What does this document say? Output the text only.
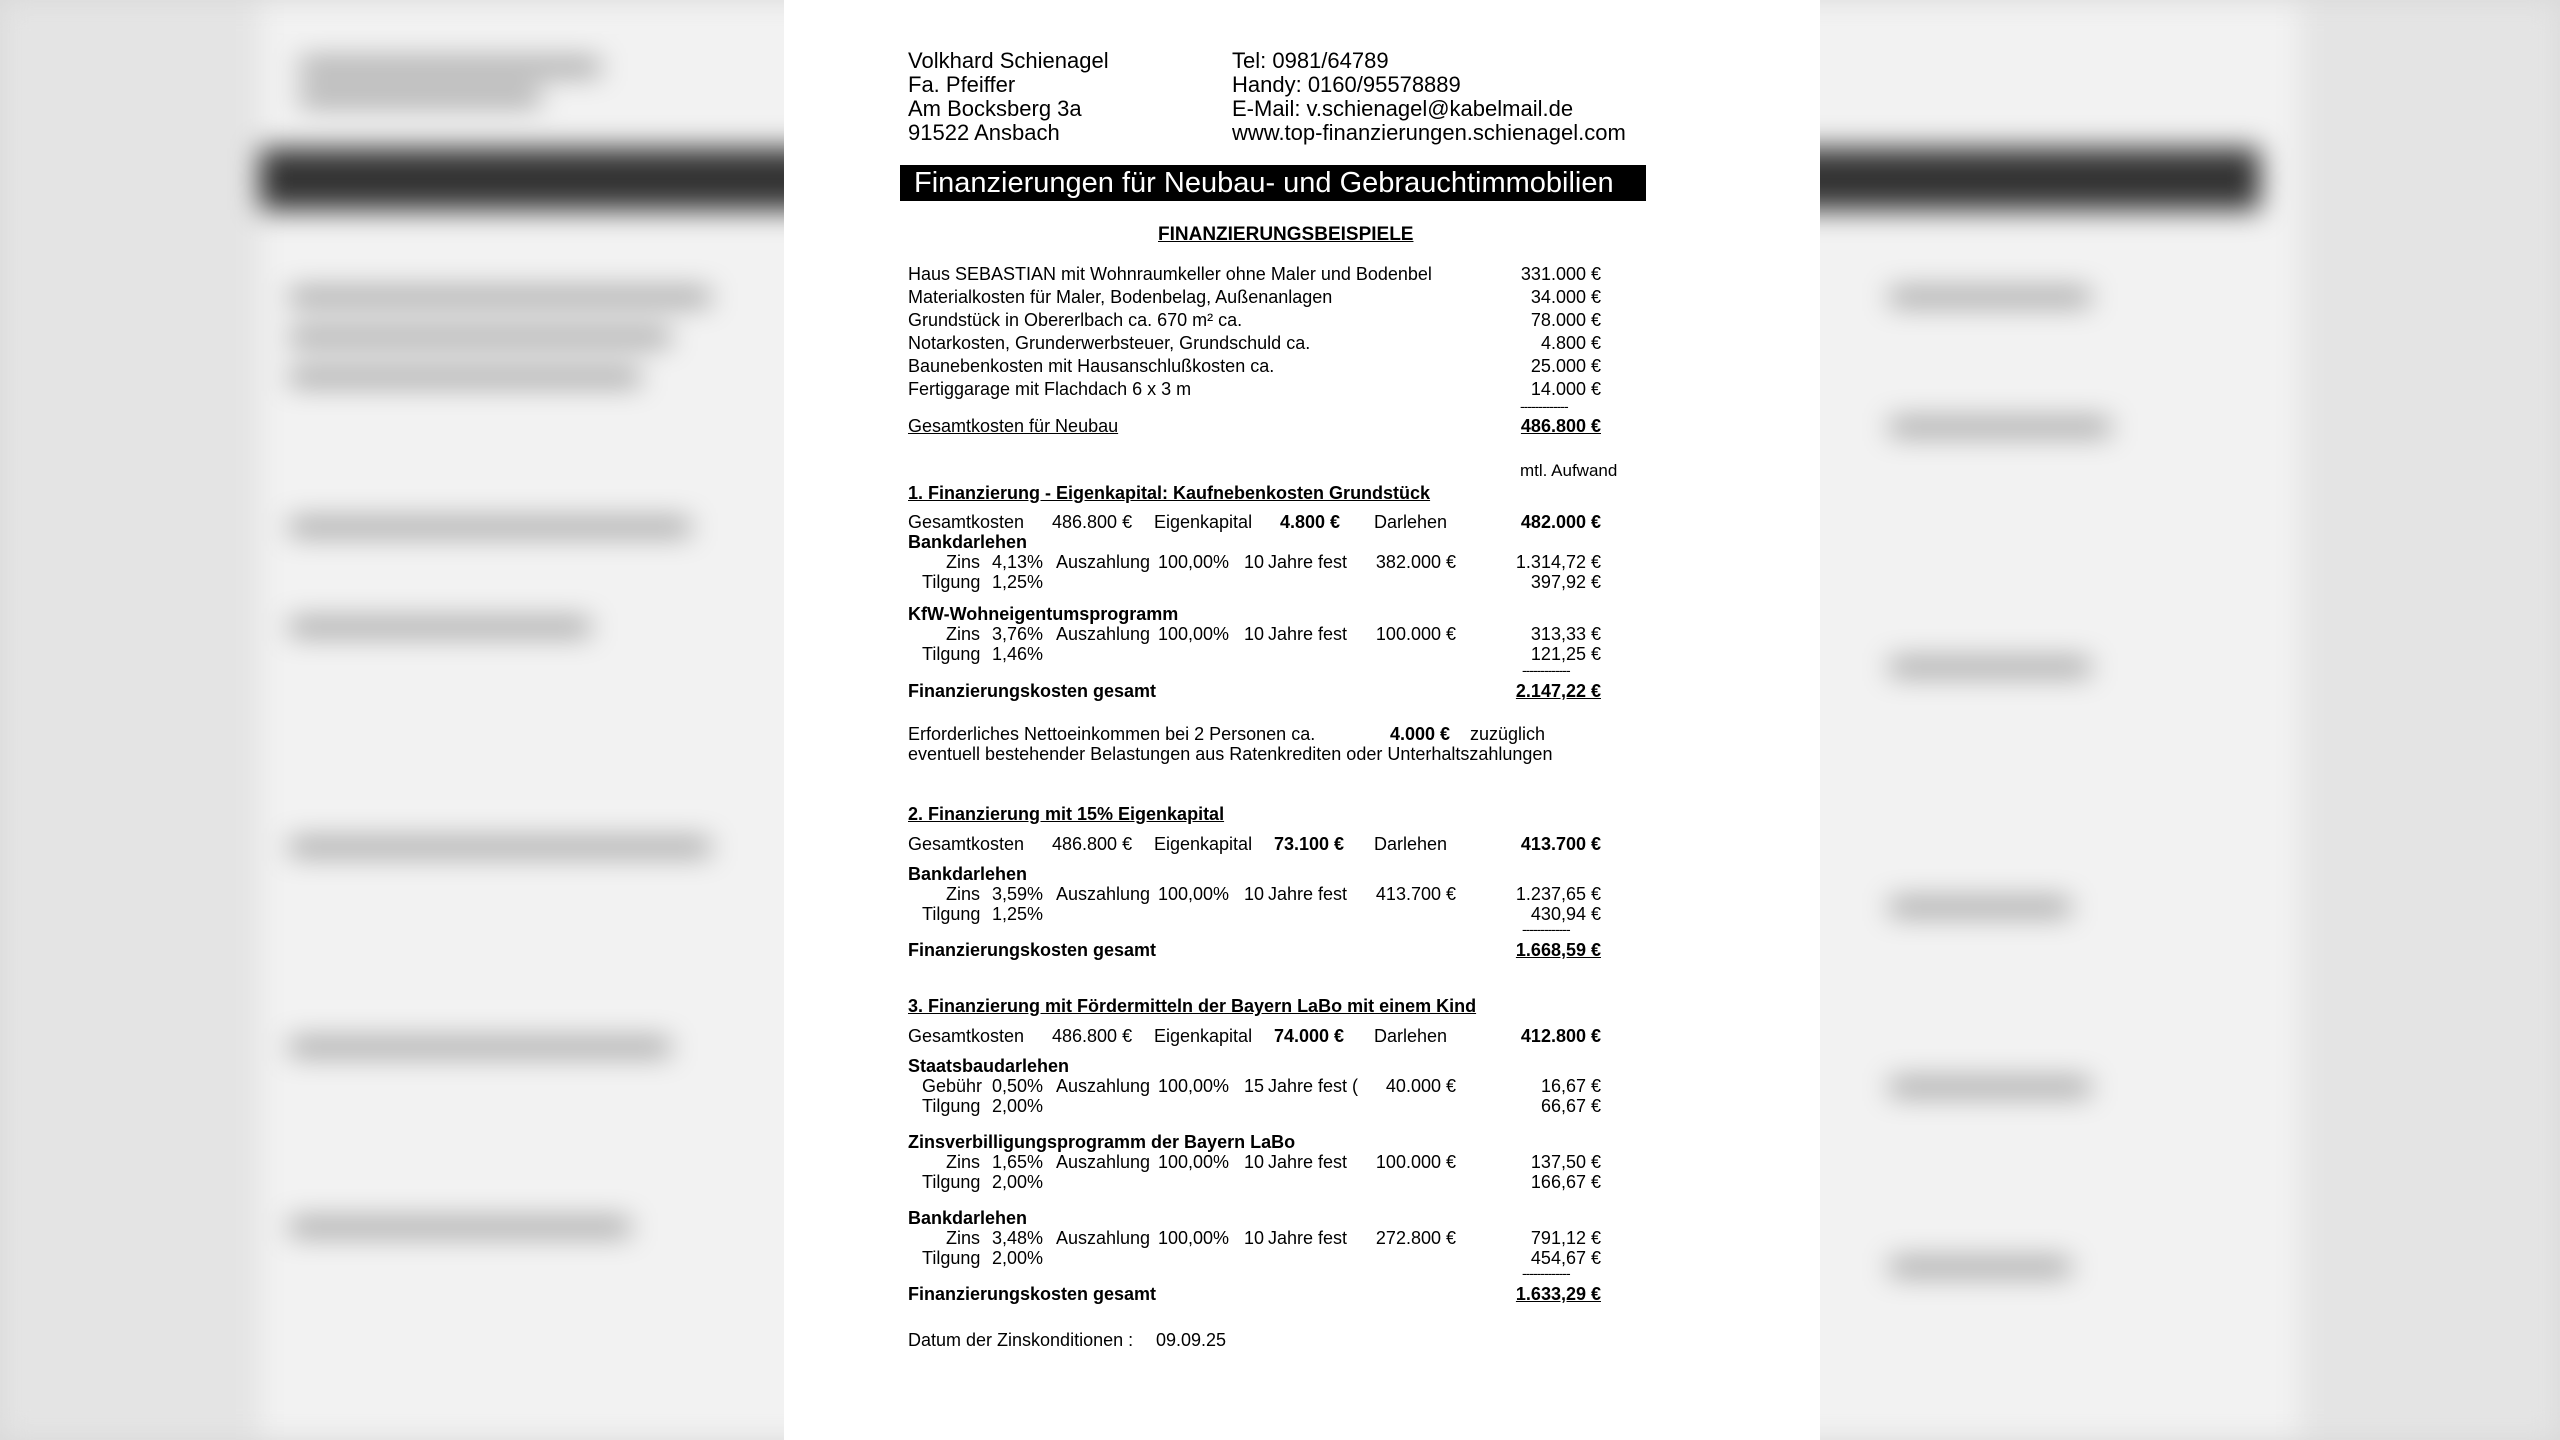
Volkhard Schienagel
Fa. Pfeiffer
Am Bocksberg 3a
91522 Ansbach
Tel: 0981/64789
Handy: 0160/95578889
E-Mail: v.schienagel@kabelmail.de
www.top-finanzierungen.schienagel.com
Finanzierungen für Neubau- und Gebrauchtimmobilien
FINANZIERUNGSBEISPIELE
Haus SEBASTIAN mit Wohnraumkeller ohne Maler und Bodenbel	331.000 €
Materialkosten für Maler, Bodenbelag, Außenanlagen	34.000 €
Grundstück in Obererlbach ca. 670 m² ca.	78.000 €
Notarkosten, Grunderwerbsteuer, Grundschuld ca.	4.800 €
Baunebenkosten mit Hausanschlußkosten ca.	25.000 €
Fertiggarage mit Flachdach 6 x 3 m	14.000 €
-------------
Gesamtkosten für Neubau	486.800 €
mtl. Aufwand
1. Finanzierung - Eigenkapital: Kaufnebenkosten Grundstück
Gesamtkosten 486.800 € Eigenkapital 4.800 € Darlehen	482.000 €
Bankdarlehen
Zins 4,13% Auszahlung 100,00% 10 Jahre fest	382.000 €	1.314,72 €
Tilgung 1,25%	397,92 €
KfW-Wohneigentumsprogramm
Zins 3,76% Auszahlung 100,00% 10 Jahre fest	100.000 €	313,33 €
Tilgung 1,46%	121,25 €
-------------
Finanzierungskosten gesamt	2.147,22 €
Erforderliches Nettoeinkommen bei 2 Personen ca.	4.000 € zuzüglich
eventuell bestehender Belastungen aus Ratenkrediten oder Unterhaltszahlungen
2. Finanzierung mit 15% Eigenkapital
Gesamtkosten 486.800 € Eigenkapital 73.100 € Darlehen	413.700 €
Bankdarlehen
Zins 3,59% Auszahlung 100,00% 10 Jahre fest	413.700 €	1.237,65 €
Tilgung 1,25%	430,94 €
-------------
Finanzierungskosten gesamt	1.668,59 €
3. Finanzierung mit Fördermitteln der Bayern LaBo mit einem Kind
Gesamtkosten 486.800 € Eigenkapital 74.000 € Darlehen	412.800 €
Staatsbaudarlehen
Gebühr 0,50% Auszahlung 100,00% 15 Jahre fest (	40.000 €	16,67 €
Tilgung 2,00%	66,67 €
Zinsverbilligungsprogramm der Bayern LaBo
Zins 1,65% Auszahlung 100,00% 10 Jahre fest	100.000 €	137,50 €
Tilgung 2,00%	166,67 €
Bankdarlehen
Zins 3,48% Auszahlung 100,00% 10 Jahre fest	272.800 €	791,12 €
Tilgung 2,00%	454,67 €
-------------
Finanzierungskosten gesamt	1.633,29 €
Datum der Zinskonditionen : 09.09.25
